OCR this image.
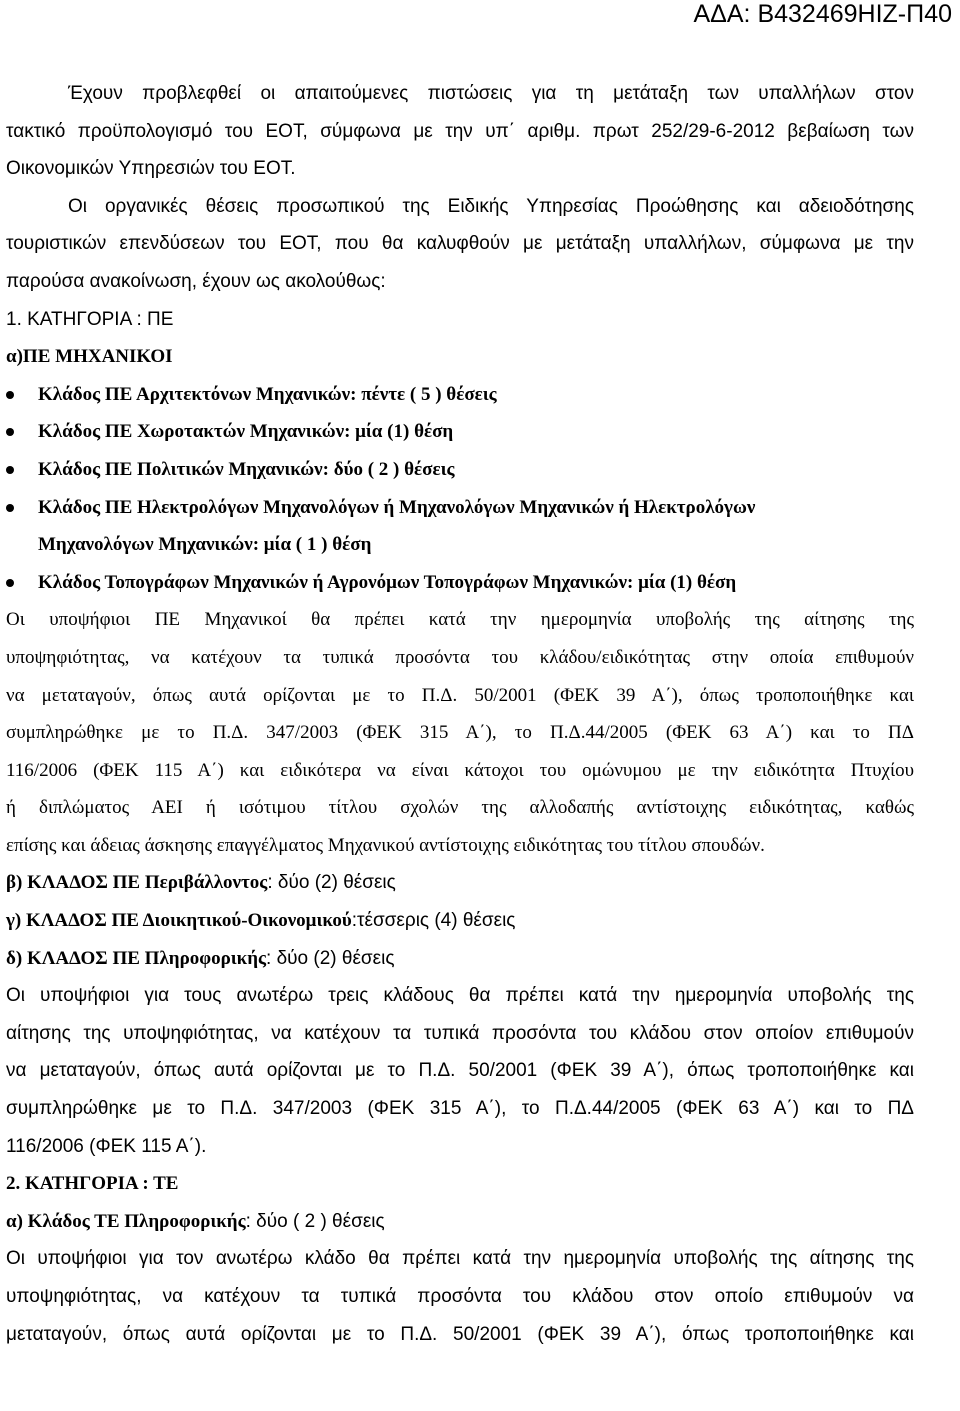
ΑΔΑ: Β432469ΗΙΖ-Π40
Έχουν προβλεφθεί οι απαιτούμενες πιστώσεις για τη μετάταξη των υπαλλήλων στον
τακτικό προϋπολογισμό του ΕΟΤ, σύμφωνα με την υπ΄ αριθμ. πρωτ 252/29-6-2012 βεβαίωση των
Οικονομικών Υπηρεσιών του ΕΟΤ.
Οι οργανικές θέσεις προσωπικού της Ειδικής Υπηρεσίας Προώθησης και αδειοδότησης
τουριστικών επενδύσεων του ΕΟΤ, που θα καλυφθούν με μετάταξη υπαλλήλων, σύμφωνα με την
παρούσα ανακοίνωση, έχουν ως ακολούθως:
1. ΚΑΤΗΓΟΡΙΑ : ΠΕ
α)ΠΕ ΜΗΧΑΝΙΚΟΙ
Κλάδος ΠΕ Αρχιτεκτόνων Μηχανικών: πέντε ( 5 ) θέσεις
Κλάδος ΠΕ Χωροτακτών Μηχανικών: μία (1) θέση
Κλάδος ΠΕ Πολιτικών Μηχανικών: δύο ( 2 ) θέσεις
Κλάδος ΠΕ Ηλεκτρολόγων Μηχανολόγων ή Μηχανολόγων Μηχανικών ή Ηλεκτρολόγων
Μηχανολόγων Μηχανικών: μία ( 1 ) θέση
Κλάδος Τοπογράφων Μηχανικών ή Αγρονόμων Τοπογράφων Μηχανικών: μία (1) θέση
Οι υποψήφιοι ΠΕ Μηχανικοί θα πρέπει κατά την ημερομηνία υποβολής της αίτησης της
υποψηφιότητας, να κατέχουν τα τυπικά προσόντα του κλάδου/ειδικότητας στην οποία επιθυμούν
να μεταταγούν, όπως αυτά ορίζονται με το Π.Δ. 50/2001 (ΦΕΚ 39 Α΄), όπως τροποποιήθηκε και
συμπληρώθηκε με το Π.Δ. 347/2003 (ΦΕΚ 315 Α΄), το Π.Δ.44/2005 (ΦΕΚ 63 Α΄) και το ΠΔ
116/2006 (ΦΕΚ 115 Α΄) και ειδικότερα να είναι κάτοχοι του ομώνυμου με την ειδικότητα Πτυχίου
ή διπλώματος ΑΕΙ ή ισότιμου τίτλου σχολών της αλλοδαπής αντίστοιχης ειδικότητας, καθώς
επίσης και άδειας άσκησης επαγγέλματος Μηχανικού αντίστοιχης ειδικότητας του τίτλου σπουδών.
β) ΚΛΑΔΟΣ ΠΕ Περιβάλλοντος: δύο (2) θέσεις
γ) ΚΛΑΔΟΣ ΠΕ Διοικητικού-Οικονομικού:τέσσερις (4) θέσεις
δ) ΚΛΑΔΟΣ ΠΕ Πληροφορικής: δύο (2) θέσεις
Οι υποψήφιοι για τους ανωτέρω τρεις κλάδους θα πρέπει κατά την ημερομηνία υποβολής της
αίτησης της υποψηφιότητας, να κατέχουν τα τυπικά προσόντα του κλάδου στον οποίον επιθυμούν
να μεταταγούν, όπως αυτά ορίζονται με το Π.Δ. 50/2001 (ΦΕΚ 39 Α΄), όπως τροποποιήθηκε και
συμπληρώθηκε με το Π.Δ. 347/2003 (ΦΕΚ 315 Α΄), το Π.Δ.44/2005 (ΦΕΚ 63 Α΄) και το ΠΔ
116/2006 (ΦΕΚ 115 Α΄).
2. ΚΑΤΗΓΟΡΙΑ : ΤΕ
α) Κλάδος ΤΕ Πληροφορικής: δύο ( 2 ) θέσεις
Οι υποψήφιοι για τον ανωτέρω κλάδο θα πρέπει κατά την ημερομηνία υποβολής της αίτησης της
υποψηφιότητας, να κατέχουν τα τυπικά προσόντα του κλάδου στον οποίο επιθυμούν να
μεταταγούν, όπως αυτά ορίζονται με το Π.Δ. 50/2001 (ΦΕΚ 39 Α΄), όπως τροποποιήθηκε και
